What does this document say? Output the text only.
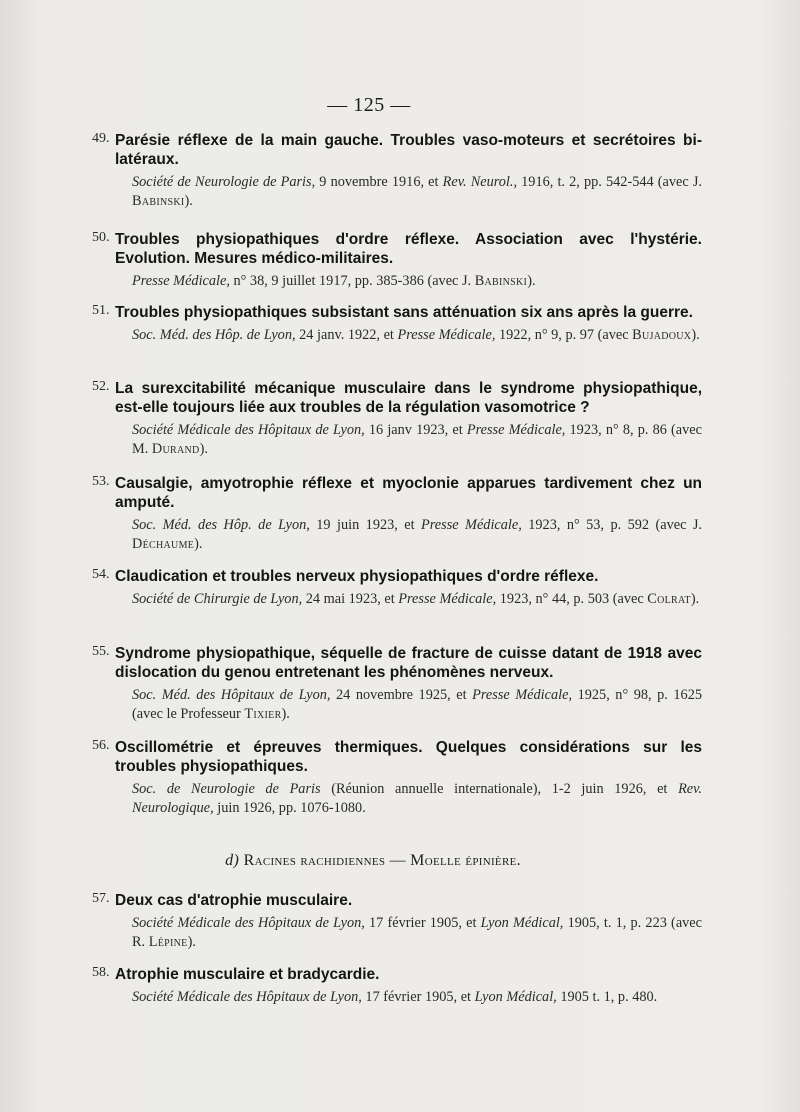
— 125 —
49. Parésie réflexe de la main gauche. Troubles vaso-moteurs et secrétoires bi-latéraux.
Société de Neurologie de Paris, 9 novembre 1916, et Rev. Neurol., 1916, t. 2, pp. 542-544 (avec J. Babinski).
50. Troubles physiopathiques d'ordre réflexe. Association avec l'hystérie. Evolution. Mesures médico-militaires.
Presse Médicale, n° 38, 9 juillet 1917, pp. 385-386 (avec J. Babinski).
51. Troubles physiopathiques subsistant sans atténuation six ans après la guerre.
Soc. Méd. des Hôp. de Lyon, 24 janv. 1922, et Presse Médicale, 1922, n° 9, p. 97 (avec Bujadoux).
52. La surexcitabilité mécanique musculaire dans le syndrome physiopathique, est-elle toujours liée aux troubles de la régulation vasomotrice ?
Société Médicale des Hôpitaux de Lyon, 16 janv 1923, et Presse Médicale, 1923, n° 8, p. 86 (avec M. Durand).
53. Causalgie, amyotrophie réflexe et myoclonie apparues tardivement chez un amputé.
Soc. Méd. des Hôp. de Lyon, 19 juin 1923, et Presse Médicale, 1923, n° 53, p. 592 (avec J. Déchaume).
54. Claudication et troubles nerveux physiopathiques d'ordre réflexe.
Société de Chirurgie de Lyon, 24 mai 1923, et Presse Médicale, 1923, n° 44, p. 503 (avec Colrat).
55. Syndrome physiopathique, séquelle de fracture de cuisse datant de 1918 avec dislocation du genou entretenant les phénomènes nerveux.
Soc. Méd. des Hôpitaux de Lyon, 24 novembre 1925, et Presse Médicale, 1925, n° 98, p. 1625 (avec le Professeur Tixier).
56. Oscillométrie et épreuves thermiques. Quelques considérations sur les troubles physiopathiques.
Soc. de Neurologie de Paris (Réunion annuelle internationale), 1-2 juin 1926, et Rev. Neurologique, juin 1926, pp. 1076-1080.
d) Racines rachidiennes — Moelle épinière.
57. Deux cas d'atrophie musculaire.
Société Médicale des Hôpitaux de Lyon, 17 février 1905, et Lyon Médical, 1905, t. 1, p. 223 (avec R. Lépine).
58. Atrophie musculaire et bradycardie.
Société Médicale des Hôpitaux de Lyon, 17 février 1905, et Lyon Médical, 1905 t. 1, p. 480.
